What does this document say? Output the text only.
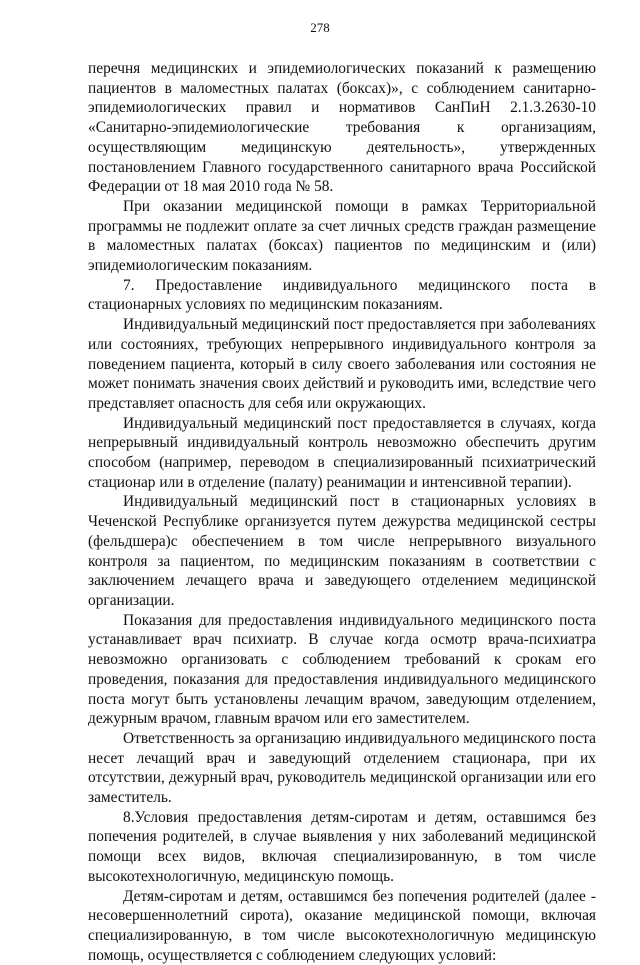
278

перечня медицинских и эпидемиологических показаний к размещению пациентов в маломестных палатах (боксах)», с соблюдением санитарно-эпидемиологических правил и нормативов СанПиН 2.1.3.2630-10 «Санитарно-эпидемиологические требования к организациям, осуществляющим медицинскую деятельность», утвержденных постановлением Главного государственного санитарного врача Российской Федерации от 18 мая 2010 года № 58.

При оказании медицинской помощи в рамках Территориальной программы не подлежит оплате за счет личных средств граждан размещение в маломестных палатах (боксах) пациентов по медицинским и (или) эпидемиологическим показаниям.

7. Предоставление индивидуального медицинского поста в стационарных условиях по медицинским показаниям.

Индивидуальный медицинский пост предоставляется при заболеваниях или состояниях, требующих непрерывного индивидуального контроля за поведением пациента, который в силу своего заболевания или состояния не может понимать значения своих действий и руководить ими, вследствие чего представляет опасность для себя или окружающих.

Индивидуальный медицинский пост предоставляется в случаях, когда непрерывный индивидуальный контроль невозможно обеспечить другим способом (например, переводом в специализированный психиатрический стационар или в отделение (палату) реанимации и интенсивной терапии).

Индивидуальный медицинский пост в стационарных условиях в Чеченской Республике организуется путем дежурства медицинской сестры (фельдшера)с обеспечением в том числе непрерывного визуального контроля за пациентом, по медицинским показаниям в соответствии с заключением лечащего врача и заведующего отделением медицинской организации.

Показания для предоставления индивидуального медицинского поста устанавливает врач психиатр. В случае когда осмотр врача-психиатра невозможно организовать с соблюдением требований к срокам его проведения, показания для предоставления индивидуального медицинского поста могут быть установлены лечащим врачом, заведующим отделением, дежурным врачом, главным врачом или его заместителем.

Ответственность за организацию индивидуального медицинского поста несет лечащий врач и заведующий отделением стационара, при их отсутствии, дежурный врач, руководитель медицинской организации или его заместитель.

8.Условия предоставления детям-сиротам и детям, оставшимся без попечения родителей, в случае выявления у них заболеваний медицинской помощи всех видов, включая специализированную, в том числе высокотехнологичную, медицинскую помощь.

Детям-сиротам и детям, оставшимся без попечения родителей (далее - несовершеннолетний сирота), оказание медицинской помощи, включая специализированную, в том числе высокотехнологичную медицинскую помощь, осуществляется с соблюдением следующих условий:
